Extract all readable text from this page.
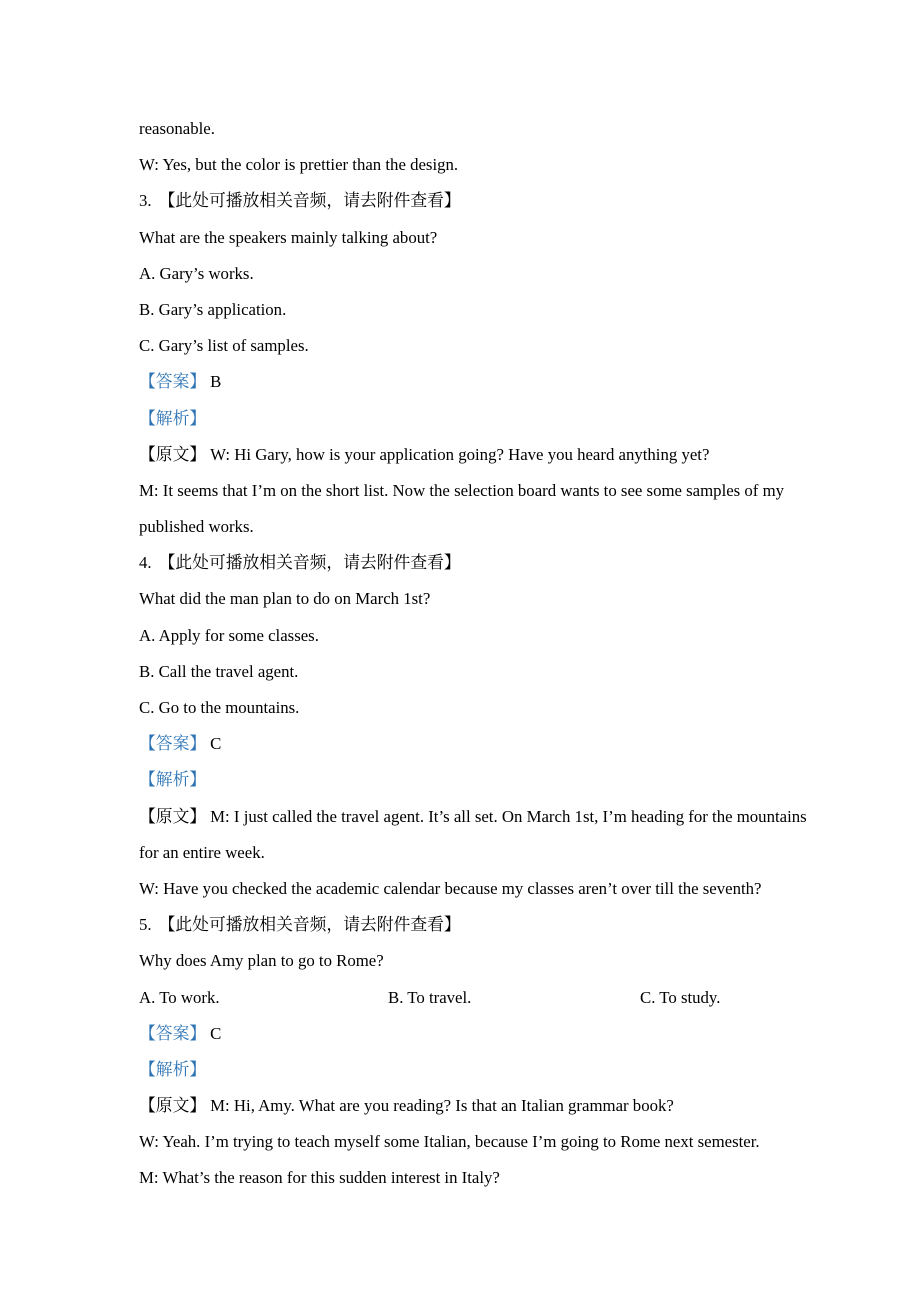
reasonable.
W: Yes, but the color is prettier than the design.
3. 【此处可播放相关音频，请去附件查看】
What are the speakers mainly talking about?
A. Gary’s works.
B. Gary’s application.
C. Gary’s list of samples.
【答案】 B
【解析】
【原文】 W: Hi Gary, how is your application going? Have you heard anything yet?
M: It seems that I’m on the short list. Now the selection board wants to see some samples of my
published works.
4. 【此处可播放相关音频，请去附件查看】
What did the man plan to do on March 1st?
A. Apply for some classes.
B. Call the travel agent.
C. Go to the mountains.
【答案】 C
【解析】
【原文】 M: I just called the travel agent. It’s all set. On March 1st, I’m heading for the mountains
for an entire week.
W: Have you checked the academic calendar because my classes aren’t over till the seventh?
5. 【此处可播放相关音频，请去附件查看】
Why does Amy plan to go to Rome?
A. To work.	B. To travel.	C. To study.
【答案】 C
【解析】
【原文】 M: Hi, Amy. What are you reading? Is that an Italian grammar book?
W: Yeah. I’m trying to teach myself some Italian, because I’m going to Rome next semester.
M: What’s the reason for this sudden interest in Italy?
